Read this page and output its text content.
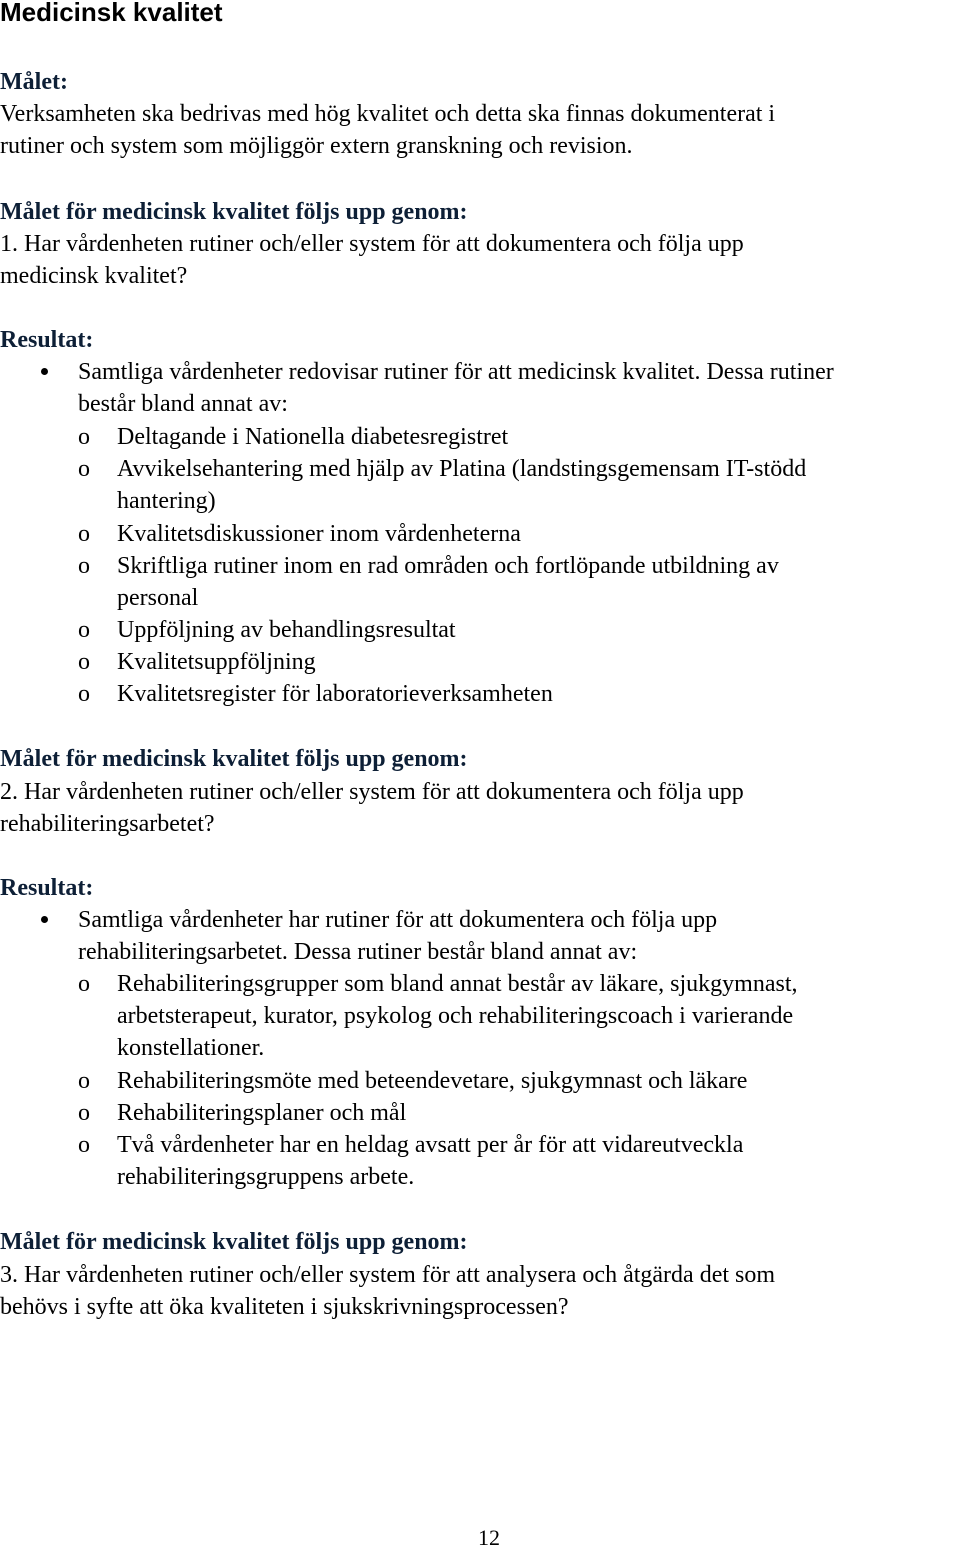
Medicinsk kvalitet
Målet:

Verksamheten ska bedrivas med hög kvalitet och detta ska finnas dokumenterat i
rutiner och system som möjliggör extern granskning och revision.

Målet för medicinsk kvalitet följs upp genom:

1. Har vårdenheten rutiner och/eller system för att dokumentera och följa upp
medicinsk kvalitet?

Resultat:
Samtliga vårdenheter redovisar rutiner för att medicinsk kvalitet. Dessa rutiner
består bland annat av:
o Deltagande i Nationella diabetesregistret
o Avvikelsehantering med hjälp av Platina (landstingsgemensam IT-stödd
hantering)
o Kvalitetsdiskussioner inom vårdenheterna
o Skriftliga rutiner inom en rad områden och fortlöpande utbildning av
personal
o Uppföljning av behandlingsresultat
o Kvalitetsuppföljning
o Kvalitetsregister för laboratorieverksamheten
Målet för medicinsk kvalitet följs upp genom:

2. Har vårdenheten rutiner och/eller system för att dokumentera och följa upp
rehabiliteringsarbetet?

Resultat:
Samtliga vårdenheter har rutiner för att dokumentera och följa upp
rehabiliteringsarbetet. Dessa rutiner består bland annat av:
o Rehabiliteringsgrupper som bland annat består av läkare, sjukgymnast,
arbetsterapeut, kurator, psykolog och rehabiliteringscoach i varierande
konstellationer.
o Rehabiliteringsmöte med beteendevetare, sjukgymnast och läkare
o Rehabiliteringsplaner och mål
o Två vårdenheter har en heldag avsatt per år för att vidareutveckla
rehabiliteringsgruppens arbete.
Målet för medicinsk kvalitet följs upp genom:

3. Har vårdenheten rutiner och/eller system för att analysera och åtgärda det som
behövs i syfte att öka kvaliteten i sjukskrivningsprocessen?

12
